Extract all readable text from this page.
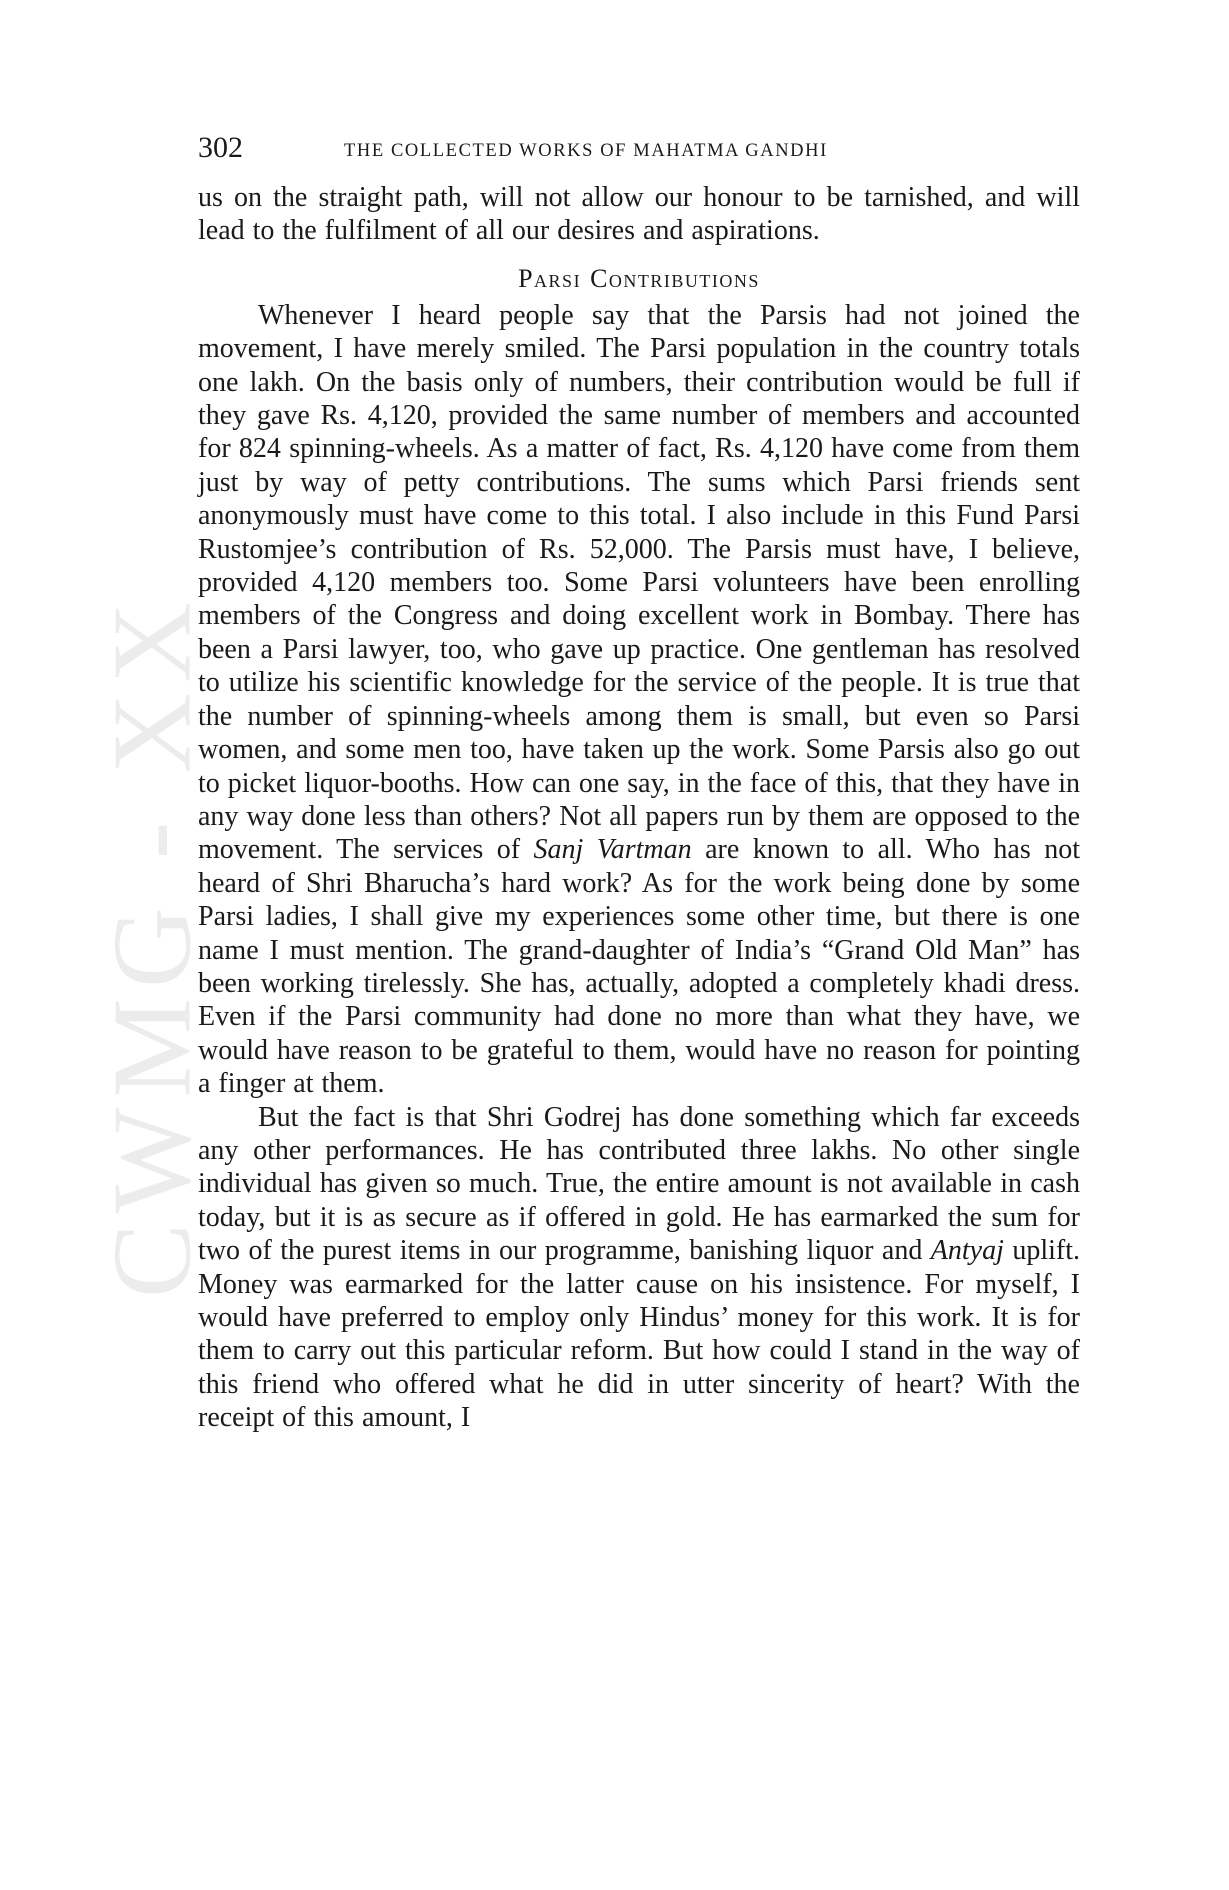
CWMG - XX
302	THE COLLECTED WORKS OF MAHATMA GANDHI

us on the straight path, will not allow our honour to be tarnished, and will lead to the fulfilment of all our desires and aspirations.

Parsi Contributions

Whenever I heard people say that the Parsis had not joined the movement, I have merely smiled. The Parsi population in the country totals one lakh. On the basis only of numbers, their contribution would be full if they gave Rs. 4,120, provided the same number of members and accounted for 824 spinning-wheels. As a matter of fact, Rs. 4,120 have come from them just by way of petty contributions. The sums which Parsi friends sent anonymously must have come to this total. I also include in this Fund Parsi Rustomjee’s contribution of Rs. 52,000. The Parsis must have, I believe, provided 4,120 members too. Some Parsi volunteers have been enrolling members of the Congress and doing excellent work in Bombay. There has been a Parsi lawyer, too, who gave up practice. One gentleman has resolved to utilize his scientific knowledge for the service of the people. It is true that the number of spinning-wheels among them is small, but even so Parsi women, and some men too, have taken up the work. Some Parsis also go out to picket liquor-booths. How can one say, in the face of this, that they have in any way done less than others? Not all papers run by them are opposed to the movement. The services of Sanj Vartman are known to all. Who has not heard of Shri Bharucha’s hard work? As for the work being done by some Parsi ladies, I shall give my experiences some other time, but there is one name I must mention. The grand-daughter of India’s “Grand Old Man” has been working tirelessly. She has, actually, adopted a completely khadi dress. Even if the Parsi community had done no more than what they have, we would have reason to be grateful to them, would have no reason for pointing a finger at them.

But the fact is that Shri Godrej has done something which far exceeds any other performances. He has contributed three lakhs. No other single individual has given so much. True, the entire amount is not available in cash today, but it is as secure as if offered in gold. He has earmarked the sum for two of the purest items in our programme, banishing liquor and Antyaj uplift. Money was earmarked for the latter cause on his insistence. For myself, I would have preferred to employ only Hindus’ money for this work. It is for them to carry out this particular reform. But how could I stand in the way of this friend who offered what he did in utter sincerity of heart? With the receipt of this amount, I
